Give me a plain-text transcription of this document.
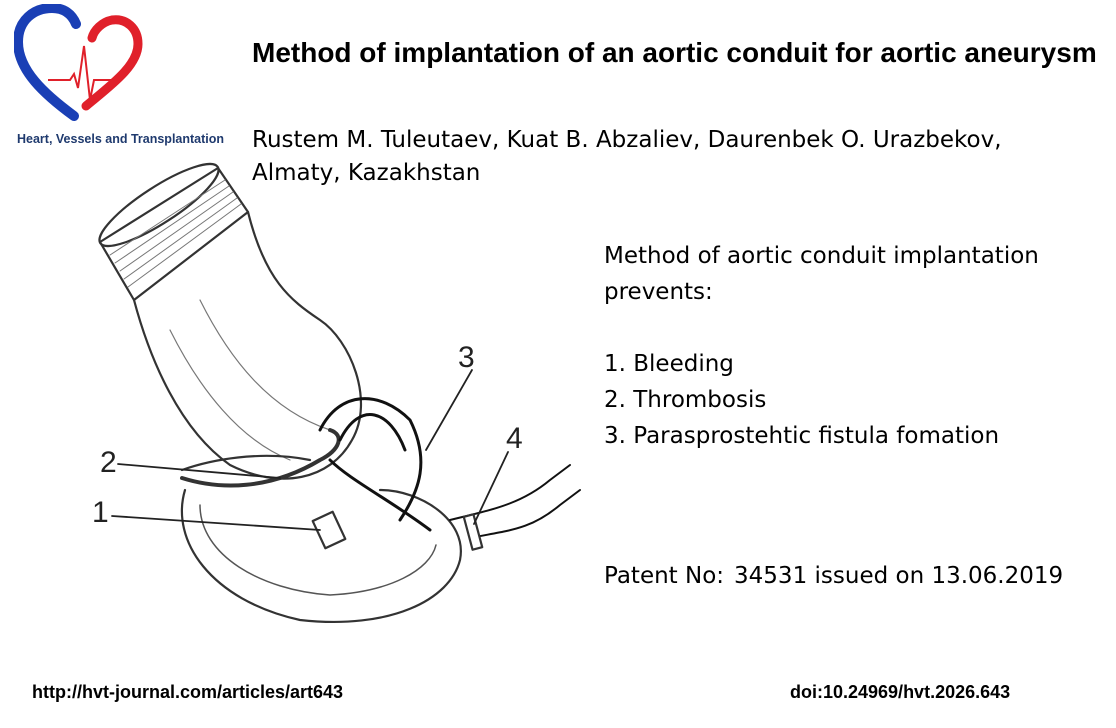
Heart, Vessels and Transplantation
Method of implantation of an aortic conduit for aortic aneurysm

Rustem M. Tuleutaev, Kuat B. Abzaliev, Daurenbek O. Urazbekov, Almaty, Kazakhstan

1
2
3
4

Method of aortic conduit implantation prevents:

1. Bleeding
2. Thrombosis
3. Parasprostehtic fistula fomation
Patent No: 34531 issued on 13.06.2019
http://hvt-journal.com/articles/art643	doi:10.24969/hvt.2026.643
